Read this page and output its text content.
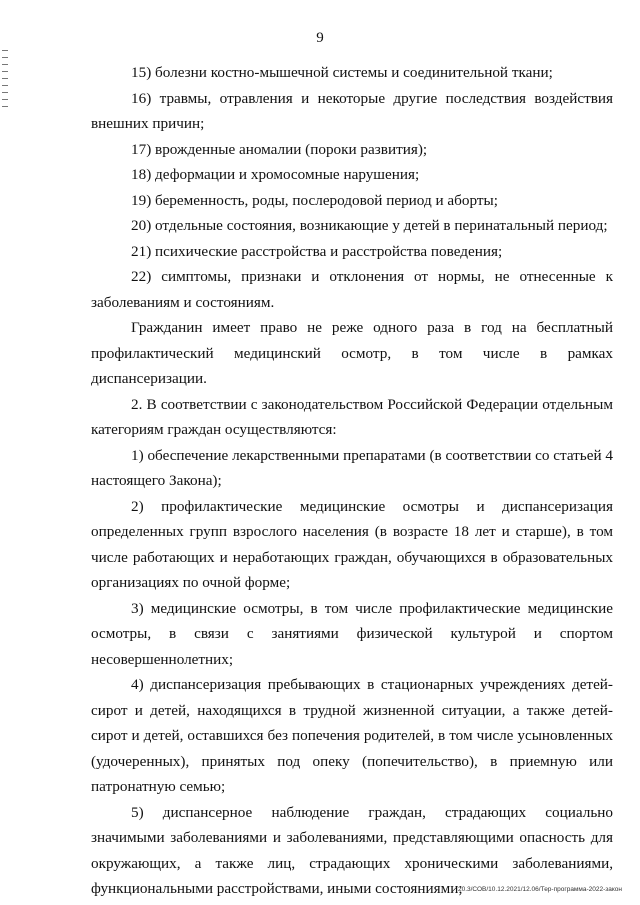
9

15) болезни костно-мышечной системы и соединительной ткани;

16) травмы, отравления и некоторые другие последствия воздействия внешних причин;

17) врожденные аномалии (пороки развития);

18) деформации и хромосомные нарушения;

19) беременность, роды, послеродовой период и аборты;

20) отдельные состояния, возникающие у детей в перинатальный период;

21) психические расстройства и расстройства поведения;

22) симптомы, признаки и отклонения от нормы, не отнесенные к заболеваниям и состояниям.

Гражданин имеет право не реже одного раза в год на бесплатный профилактический медицинский осмотр, в том числе в рамках диспансеризации.

2. В соответствии с законодательством Российской Федерации отдельным категориям граждан осуществляются:

1) обеспечение лекарственными препаратами (в соответствии со статьей 4 настоящего Закона);

2) профилактические медицинские осмотры и диспансеризация определенных групп взрослого населения (в возрасте 18 лет и старше), в том числе работающих и неработающих граждан, обучающихся в образовательных организациях по очной форме;

3) медицинские осмотры, в том числе профилактические медицинские осмотры, в связи с занятиями физической культурой и спортом несовершеннолетних;

4) диспансеризация пребывающих в стационарных учреждениях детей-сирот и детей, находящихся в трудной жизненной ситуации, а также детей-сирот и детей, оставшихся без попечения родителей, в том числе усыновленных (удочеренных), принятых под опеку (попечительство), в приемную или патронатную семью;

5) диспансерное наблюдение граждан, страдающих социально значимыми заболеваниями и заболеваниями, представляющими опасность для окружающих, а также лиц, страдающих хроническими заболеваниями, функциональными расстройствами, иными состояниями;

20.3/СОВ/10.12.2021/12.06/Тер-программа-2022-закон
